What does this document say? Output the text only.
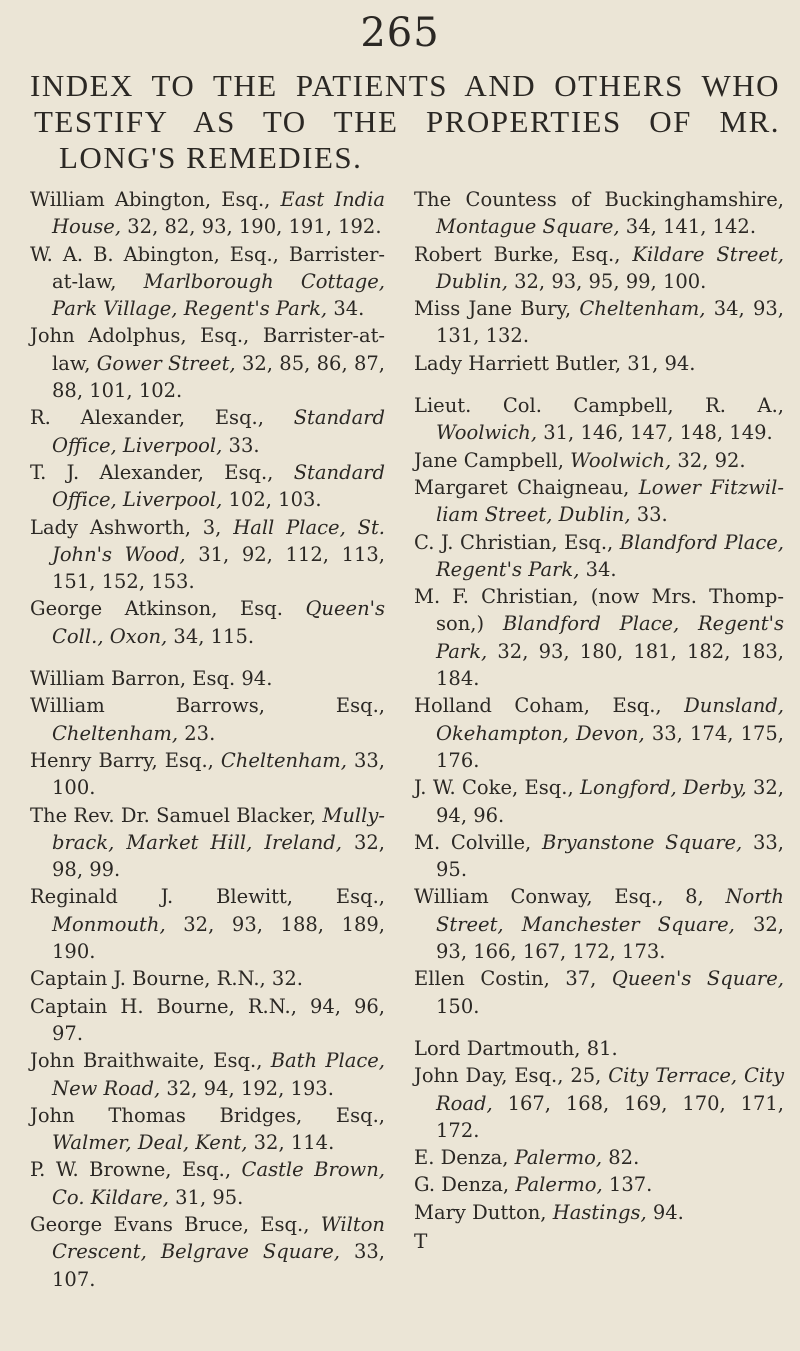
265
INDEX TO THE PATIENTS AND OTHERS WHO
TESTIFY AS TO THE PROPERTIES OF MR.
LONG'S REMEDIES.

William Abington, Esq., East India House, 32, 82, 93, 190, 191, 192.

W. A. B. Abington, Esq., Barrister-at-law, Marlborough Cottage, Park Village, Regent's Park, 34.

John Adolphus, Esq., Barrister-at-law, Gower Street, 32, 85, 86, 87, 88, 101, 102.

R. Alexander, Esq., Standard Office, Liverpool, 33.

T. J. Alexander, Esq., Standard Office, Liverpool, 102, 103.

Lady Ashworth, 3, Hall Place, St. John's Wood, 31, 92, 112, 113, 151, 152, 153.

George Atkinson, Esq. Queen's Coll., Oxon, 34, 115.

William Barron, Esq. 94.

William Barrows, Esq., Cheltenham, 23.

Henry Barry, Esq., Cheltenham, 33, 100.

The Rev. Dr. Samuel Blacker, Mully-brack, Market Hill, Ireland, 32, 98, 99.

Reginald J. Blewitt, Esq., Monmouth, 32, 93, 188, 189, 190.

Captain J. Bourne, R.N., 32.

Captain H. Bourne, R.N., 94, 96, 97.

John Braithwaite, Esq., Bath Place, New Road, 32, 94, 192, 193.

John Thomas Bridges, Esq., Walmer, Deal, Kent, 32, 114.

P. W. Browne, Esq., Castle Brown, Co. Kildare, 31, 95.

George Evans Bruce, Esq., Wilton Crescent, Belgrave Square, 33, 107.

The Countess of Buckinghamshire, Montague Square, 34, 141, 142.

Robert Burke, Esq., Kildare Street, Dublin, 32, 93, 95, 99, 100.

Miss Jane Bury, Cheltenham, 34, 93, 131, 132.

Lady Harriett Butler, 31, 94.

Lieut. Col. Campbell, R. A., Woolwich, 31, 146, 147, 148, 149.

Jane Campbell, Woolwich, 32, 92.

Margaret Chaigneau, Lower Fitzwil-liam Street, Dublin, 33.

C. J. Christian, Esq., Blandford Place, Regent's Park, 34.

M. F. Christian, (now Mrs. Thomp-son,) Blandford Place, Regent's Park, 32, 93, 180, 181, 182, 183, 184.

Holland Coham, Esq., Dunsland, Okehampton, Devon, 33, 174, 175, 176.

J. W. Coke, Esq., Longford, Derby, 32, 94, 96.

M. Colville, Bryanstone Square, 33, 95.

William Conway, Esq., 8, North Street, Manchester Square, 32, 93, 166, 167, 172, 173.

Ellen Costin, 37, Queen's Square, 150.

Lord Dartmouth, 81.

John Day, Esq., 25, City Terrace, City Road, 167, 168, 169, 170, 171, 172.

E. Denza, Palermo, 82.

G. Denza, Palermo, 137.

Mary Dutton, Hastings, 94.

T
